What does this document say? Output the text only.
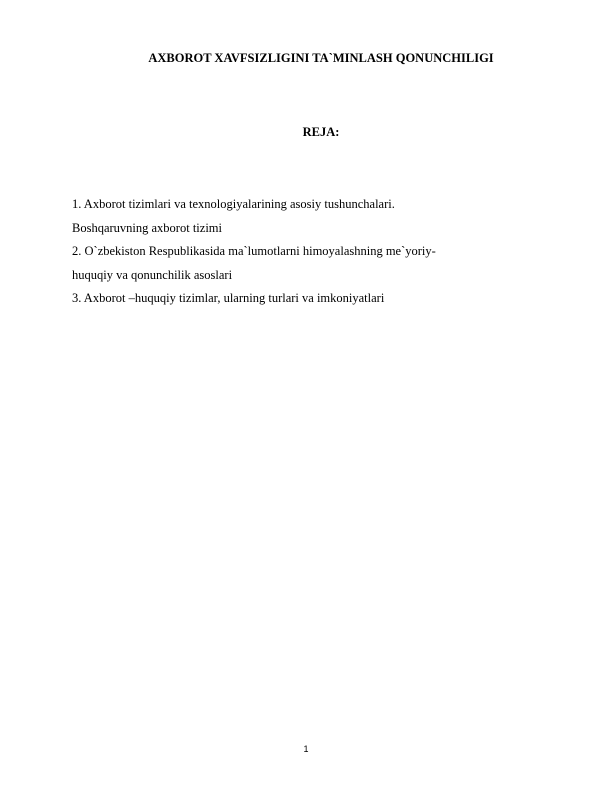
AXBOROT XAVFSIZLIGINI TA`MINLASH QONUNCHILIGI
REJA:
1. Axborot tizimlari va texnologiyalarining asosiy tushunchalari.
Boshqaruvning axborot tizimi
2. O`zbekiston Respublikasida ma`lumotlarni himoyalashning me`yoriy-
huquqiy va qonunchilik asoslari
3. Axborot –huquqiy tizimlar, ularning turlari va imkoniyatlari
1
